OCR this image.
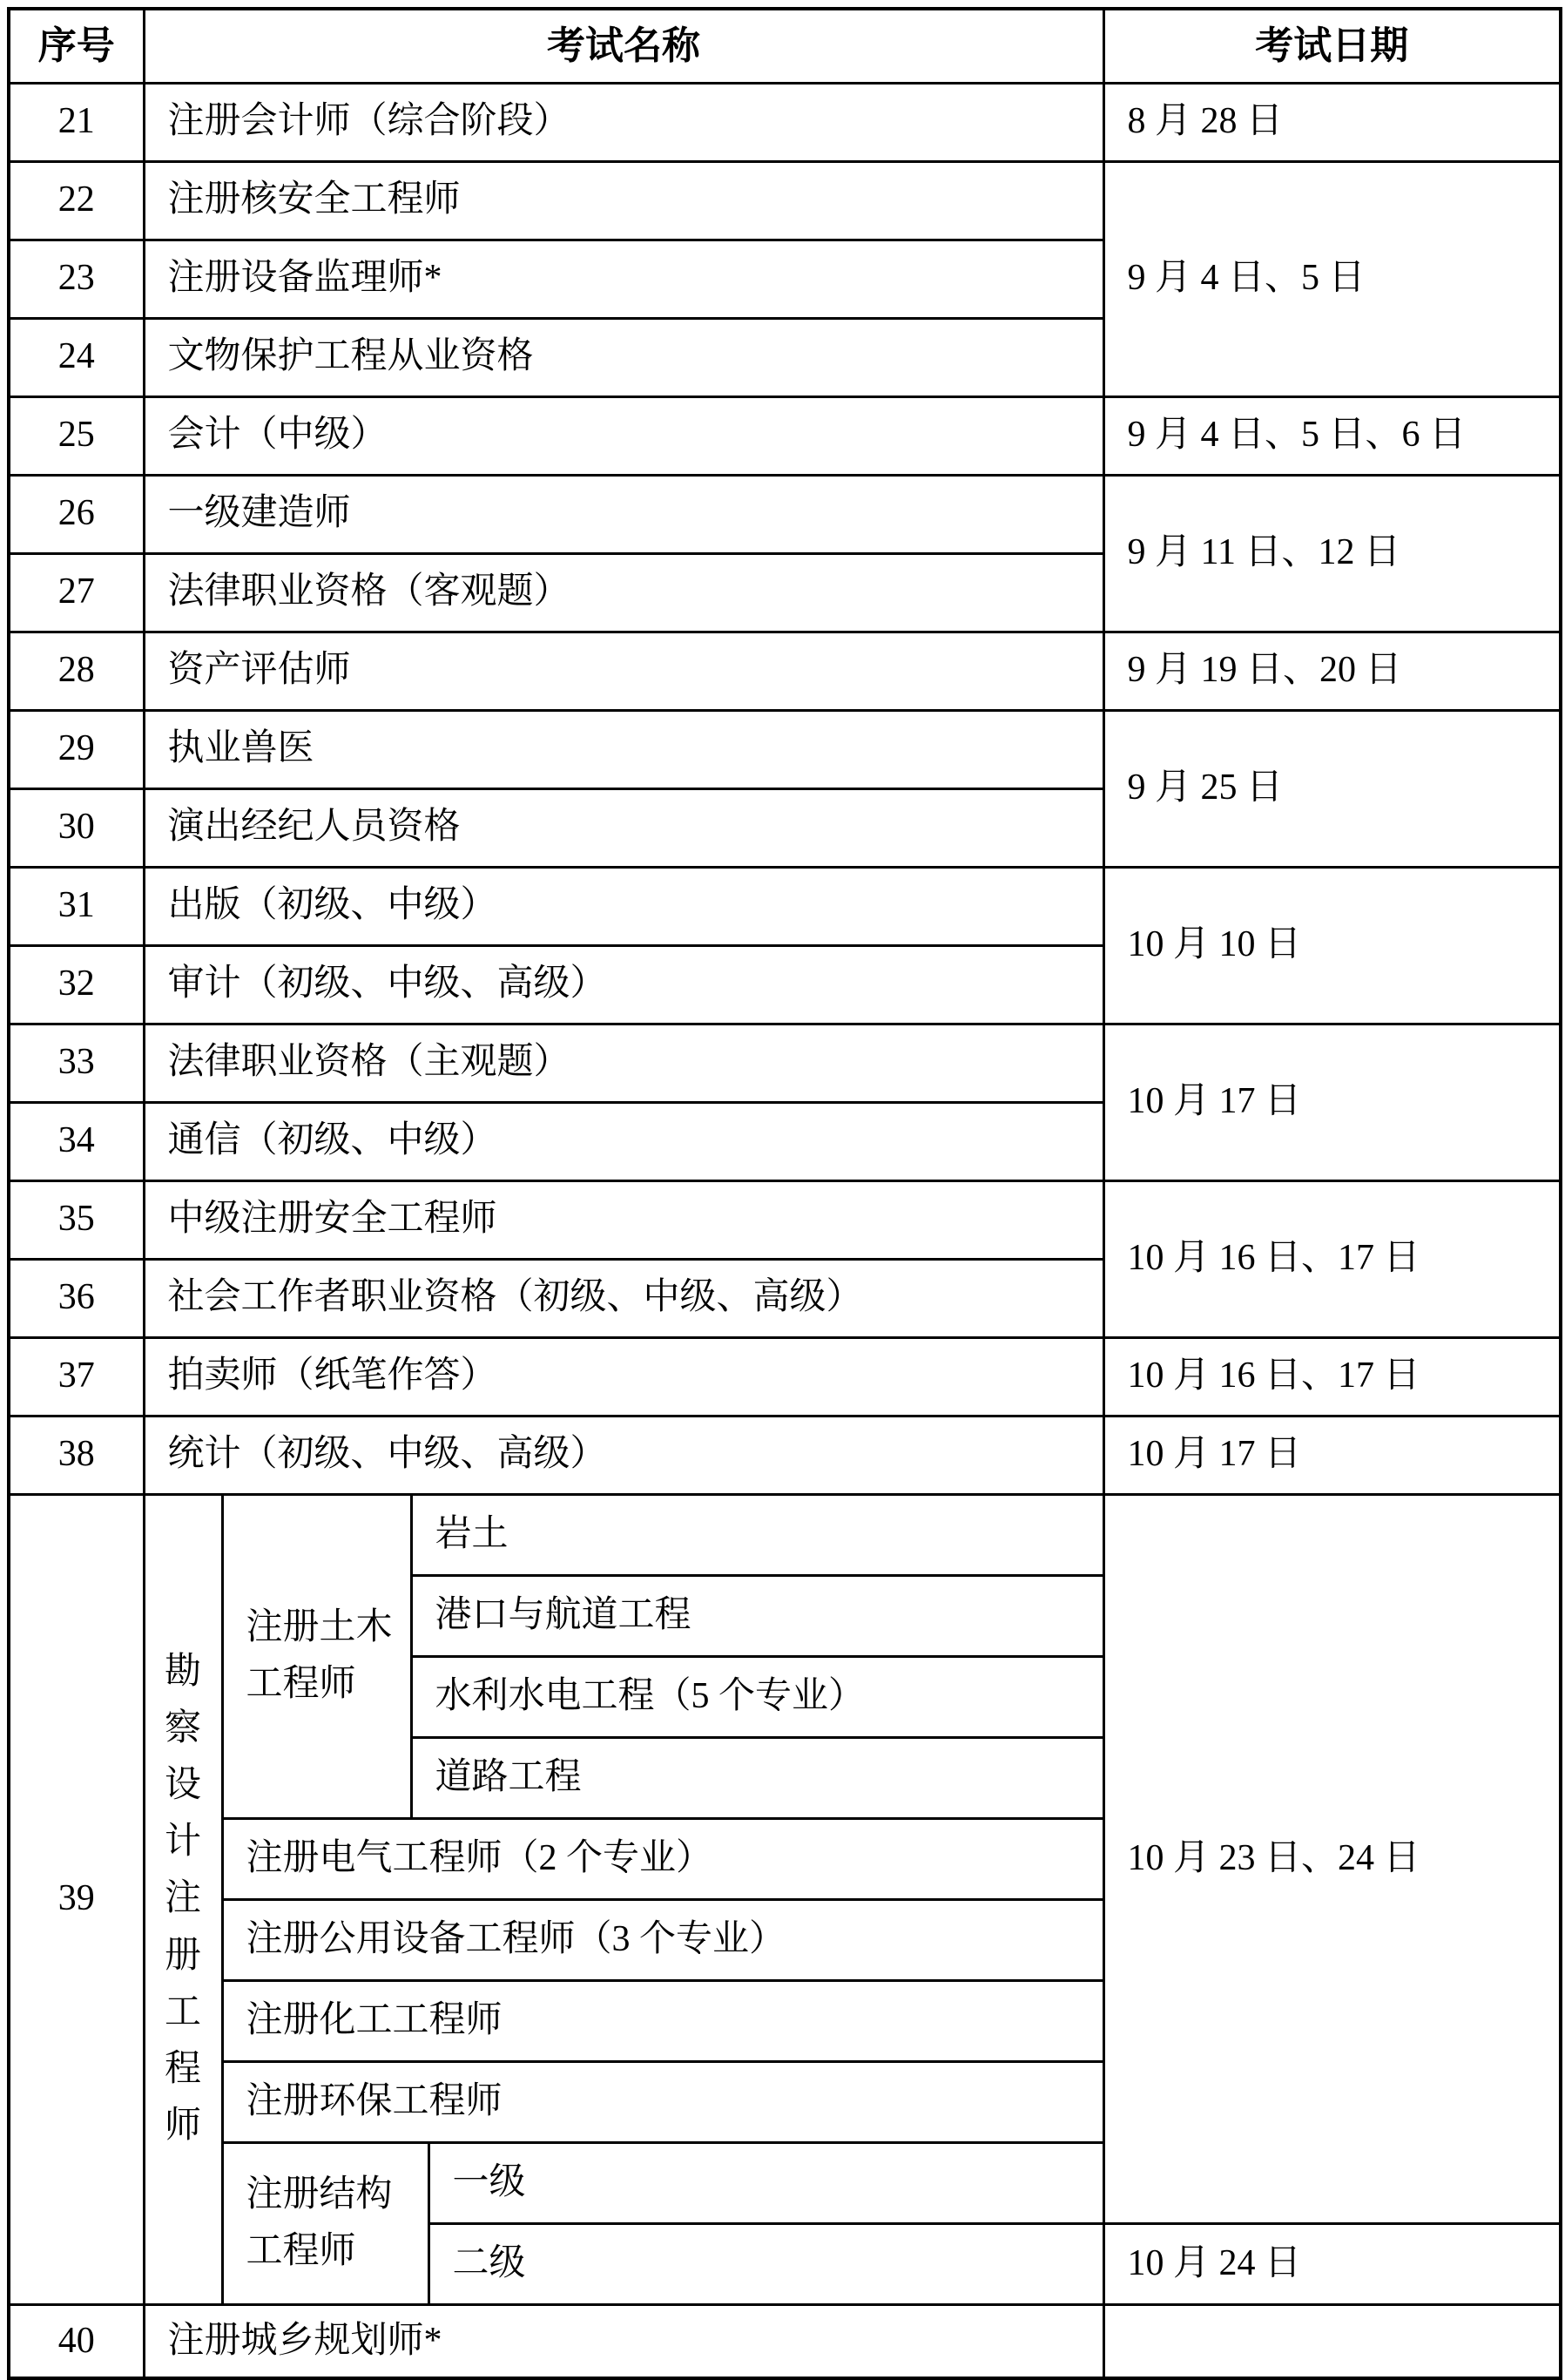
序号	考试名称				考试日期
21	注册会计师（综合阶段）				8 月 28 日
22	注册核安全工程师				9 月 4 日、5 日
23	注册设备监理师*				
24	文物保护工程从业资格				
25	会计（中级）				9 月 4 日、5 日、6 日
26	一级建造师				9 月 11 日、12 日
27	法律职业资格（客观题）				
28	资产评估师				9 月 19 日、20 日
29	执业兽医				9 月 25 日
30	演出经纪人员资格				
31	出版（初级、中级）				10 月 10 日
32	审计（初级、中级、高级）				
33	法律职业资格（主观题）				10 月 17 日
34	通信（初级、中级）				
35	中级注册安全工程师				10 月 16 日、17 日
36	社会工作者职业资格（初级、中级、高级）				
37	拍卖师（纸笔作答）				10 月 16 日、17 日
38	统计（初级、中级、高级）				10 月 17 日
39	勘察设计注册工程师	注册土木工程师	岩土		10 月 23 日、24 日
			港口与航道工程		
			水利水电工程（5 个专业）		
			道路工程		
		注册电气工程师（2 个专业）			
		注册公用设备工程师（3 个专业）			
		注册化工工程师			
		注册环保工程师			
		注册结构工程师		一级	
				二级	10 月 24 日
40	注册城乡规划师*				
